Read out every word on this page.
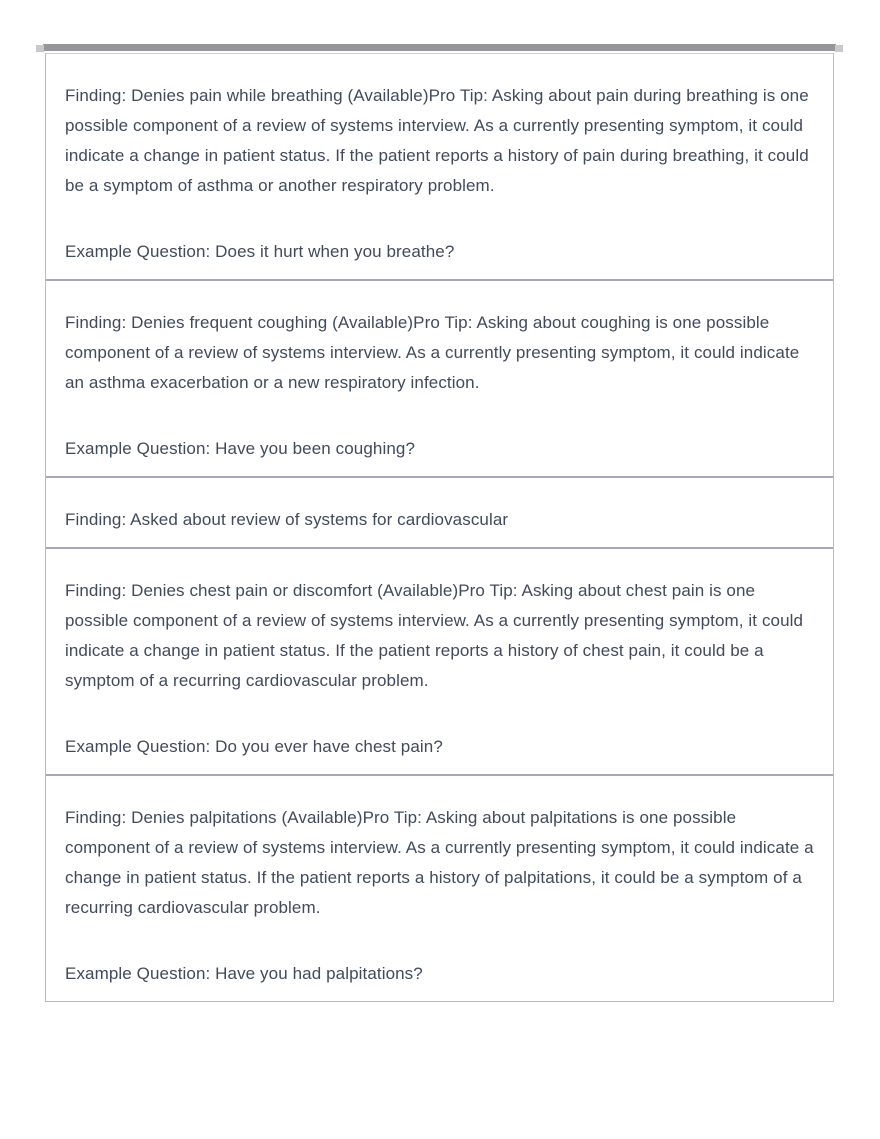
Finding: Denies pain while breathing (Available)Pro Tip: Asking about pain during breathing is one possible component of a review of systems interview. As a currently presenting symptom, it could indicate a change in patient status. If the patient reports a history of pain during breathing, it could be a symptom of asthma or another respiratory problem.

Example Question: Does it hurt when you breathe?

Finding: Denies frequent coughing (Available)Pro Tip: Asking about coughing is one possible component of a review of systems interview. As a currently presenting symptom, it could indicate an asthma exacerbation or a new respiratory infection.

Example Question: Have you been coughing?

Finding: Asked about review of systems for cardiovascular

Finding: Denies chest pain or discomfort (Available)Pro Tip: Asking about chest pain is one possible component of a review of systems interview. As a currently presenting symptom, it could indicate a change in patient status. If the patient reports a history of chest pain, it could be a symptom of a recurring cardiovascular problem.

Example Question: Do you ever have chest pain?

Finding: Denies palpitations (Available)Pro Tip: Asking about palpitations is one possible component of a review of systems interview. As a currently presenting symptom, it could indicate a change in patient status. If the patient reports a history of palpitations, it could be a symptom of a recurring cardiovascular problem.

Example Question: Have you had palpitations?
